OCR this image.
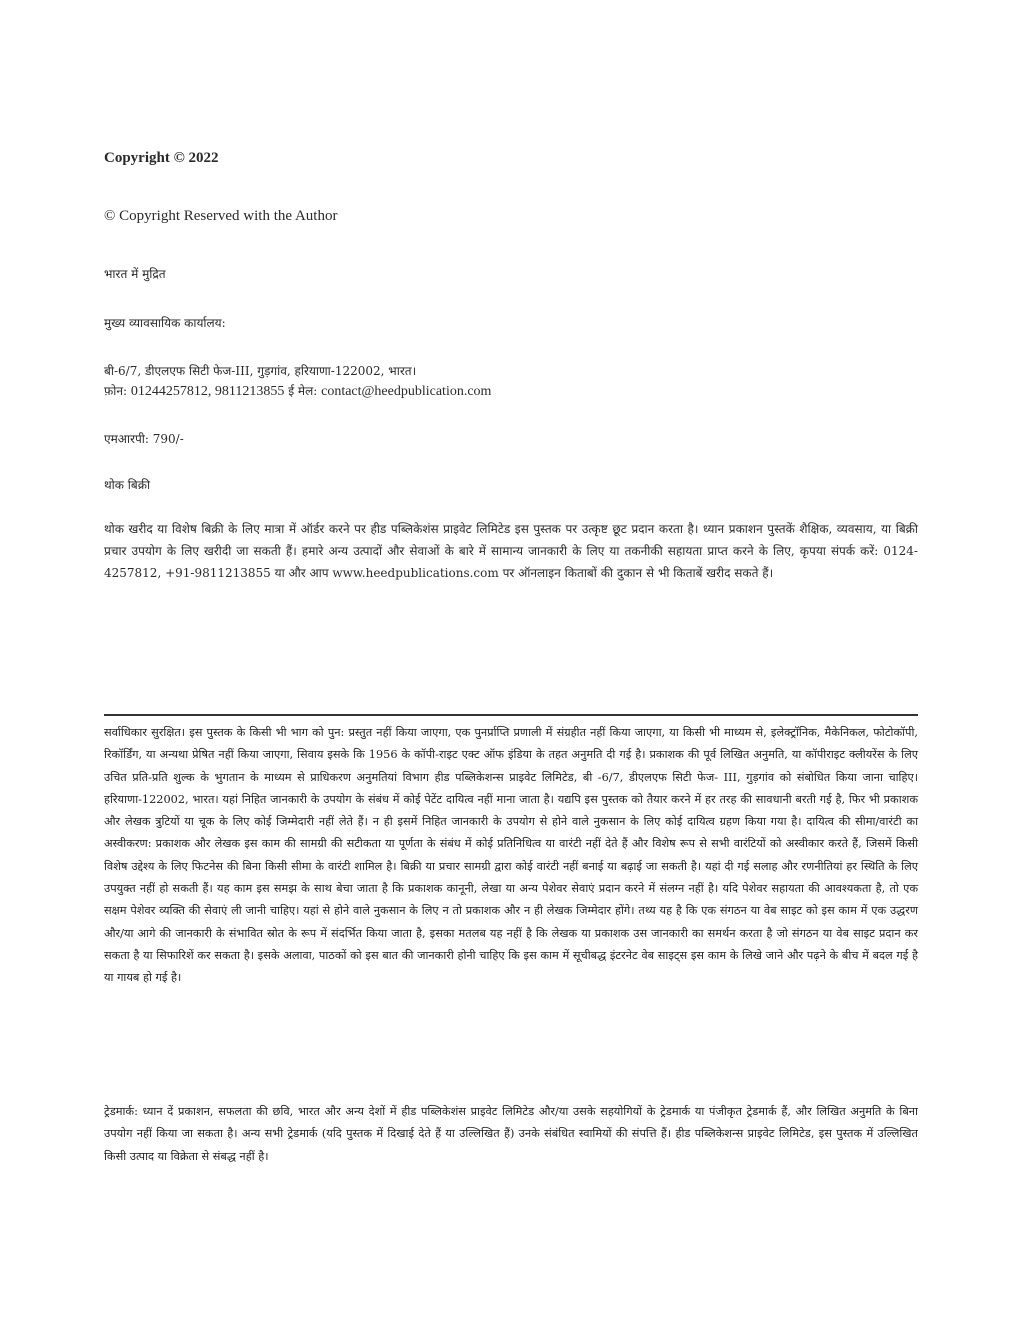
Copyright © 2022
© Copyright Reserved with the Author
भारत में मुद्रित
मुख्य व्यावसायिक कार्यालय:
बी-6/7, डीएलएफ सिटी फेज-III, गुड़गांव, हरियाणा-122002, भारत।
फ़ोन: 01244257812, 9811213855 ई मेल: contact@heedpublication.com
एमआरपी: 790/-
थोक बिक्री
थोक खरीद या विशेष बिक्री के लिए मात्रा में ऑर्डर करने पर हीड पब्लिकेशंस प्राइवेट लिमिटेड इस पुस्तक पर उत्कृष्ट छूट प्रदान करता है। ध्यान प्रकाशन पुस्तकें शैक्षिक, व्यवसाय, या बिक्री प्रचार उपयोग के लिए खरीदी जा सकती हैं। हमारे अन्य उत्पादों और सेवाओं के बारे में सामान्य जानकारी के लिए या तकनीकी सहायता प्राप्त करने के लिए, कृपया संपर्क करें: 0124-4257812, +91-9811213855 या और आप www.heedpublications.com पर ऑनलाइन किताबों की दुकान से भी किताबें खरीद सकते हैं।
सर्वाधिकार सुरक्षित। इस पुस्तक के किसी भी भाग को पुन: प्रस्तुत नहीं किया जाएगा, एक पुनर्प्राप्ति प्रणाली में संग्रहीत नहीं किया जाएगा, या किसी भी माध्यम से, इलेक्ट्रॉनिक, मैकेनिकल, फोटोकॉपी, रिकॉर्डिंग, या अन्यथा प्रेषित नहीं किया जाएगा, सिवाय इसके कि 1956 के कॉपी-राइट एक्ट ऑफ इंडिया के तहत अनुमति दी गई है। प्रकाशक की पूर्व लिखित अनुमति, या कॉपीराइट क्लीयरेंस के लिए उचित प्रति-प्रति शुल्क के भुगतान के माध्यम से प्राधिकरण अनुमतियां विभाग हीड पब्लिकेशन्स प्राइवेट लिमिटेड, बी -6/7, डीएलएफ सिटी फेज- III, गुड़गांव को संबोधित किया जाना चाहिए। हरियाणा-122002, भारत। यहां निहित जानकारी के उपयोग के संबंध में कोई पेटेंट दायित्व नहीं माना जाता है। यद्यपि इस पुस्तक को तैयार करने में हर तरह की सावधानी बरती गई है, फिर भी प्रकाशक और लेखक त्रुटियों या चूक के लिए कोई जिम्मेदारी नहीं लेते हैं। न ही इसमें निहित जानकारी के उपयोग से होने वाले नुकसान के लिए कोई दायित्व ग्रहण किया गया है। दायित्व की सीमा/वारंटी का अस्वीकरण: प्रकाशक और लेखक इस काम की सामग्री की सटीकता या पूर्णता के संबंध में कोई प्रतिनिधित्व या वारंटी नहीं देते हैं और विशेष रूप से सभी वारंटियों को अस्वीकार करते हैं, जिसमें किसी विशेष उद्देश्य के लिए फिटनेस की बिना किसी सीमा के वारंटी शामिल है। बिक्री या प्रचार सामग्री द्वारा कोई वारंटी नहीं बनाई या बढ़ाई जा सकती है। यहां दी गई सलाह और रणनीतियां हर स्थिति के लिए उपयुक्त नहीं हो सकती हैं। यह काम इस समझ के साथ बेचा जाता है कि प्रकाशक कानूनी, लेखा या अन्य पेशेवर सेवाएं प्रदान करने में संलग्न नहीं है। यदि पेशेवर सहायता की आवश्यकता है, तो एक सक्षम पेशेवर व्यक्ति की सेवाएं ली जानी चाहिए। यहां से होने वाले नुकसान के लिए न तो प्रकाशक और न ही लेखक जिम्मेदार होंगे। तथ्य यह है कि एक संगठन या वेब साइट को इस काम में एक उद्धरण और/या आगे की जानकारी के संभावित स्रोत के रूप में संदर्भित किया जाता है, इसका मतलब यह नहीं है कि लेखक या प्रकाशक उस जानकारी का समर्थन करता है जो संगठन या वेब साइट प्रदान कर सकता है या सिफारिशें कर सकता है। इसके अलावा, पाठकों को इस बात की जानकारी होनी चाहिए कि इस काम में सूचीबद्ध इंटरनेट वेब साइट्स इस काम के लिखे जाने और पढ़ने के बीच में बदल गई है या गायब हो गई है।
ट्रेडमार्क: ध्यान दें प्रकाशन, सफलता की छवि, भारत और अन्य देशों में हीड पब्लिकेशंस प्राइवेट लिमिटेड और/या उसके सहयोगियों के ट्रेडमार्क या पंजीकृत ट्रेडमार्क हैं, और लिखित अनुमति के बिना उपयोग नहीं किया जा सकता है। अन्य सभी ट्रेडमार्क (यदि पुस्तक में दिखाई देते हैं या उल्लिखित हैं) उनके संबंधित स्वामियों की संपत्ति हैं। हीड पब्लिकेशन्स प्राइवेट लिमिटेड, इस पुस्तक में उल्लिखित किसी उत्पाद या विक्रेता से संबद्ध नहीं है।
